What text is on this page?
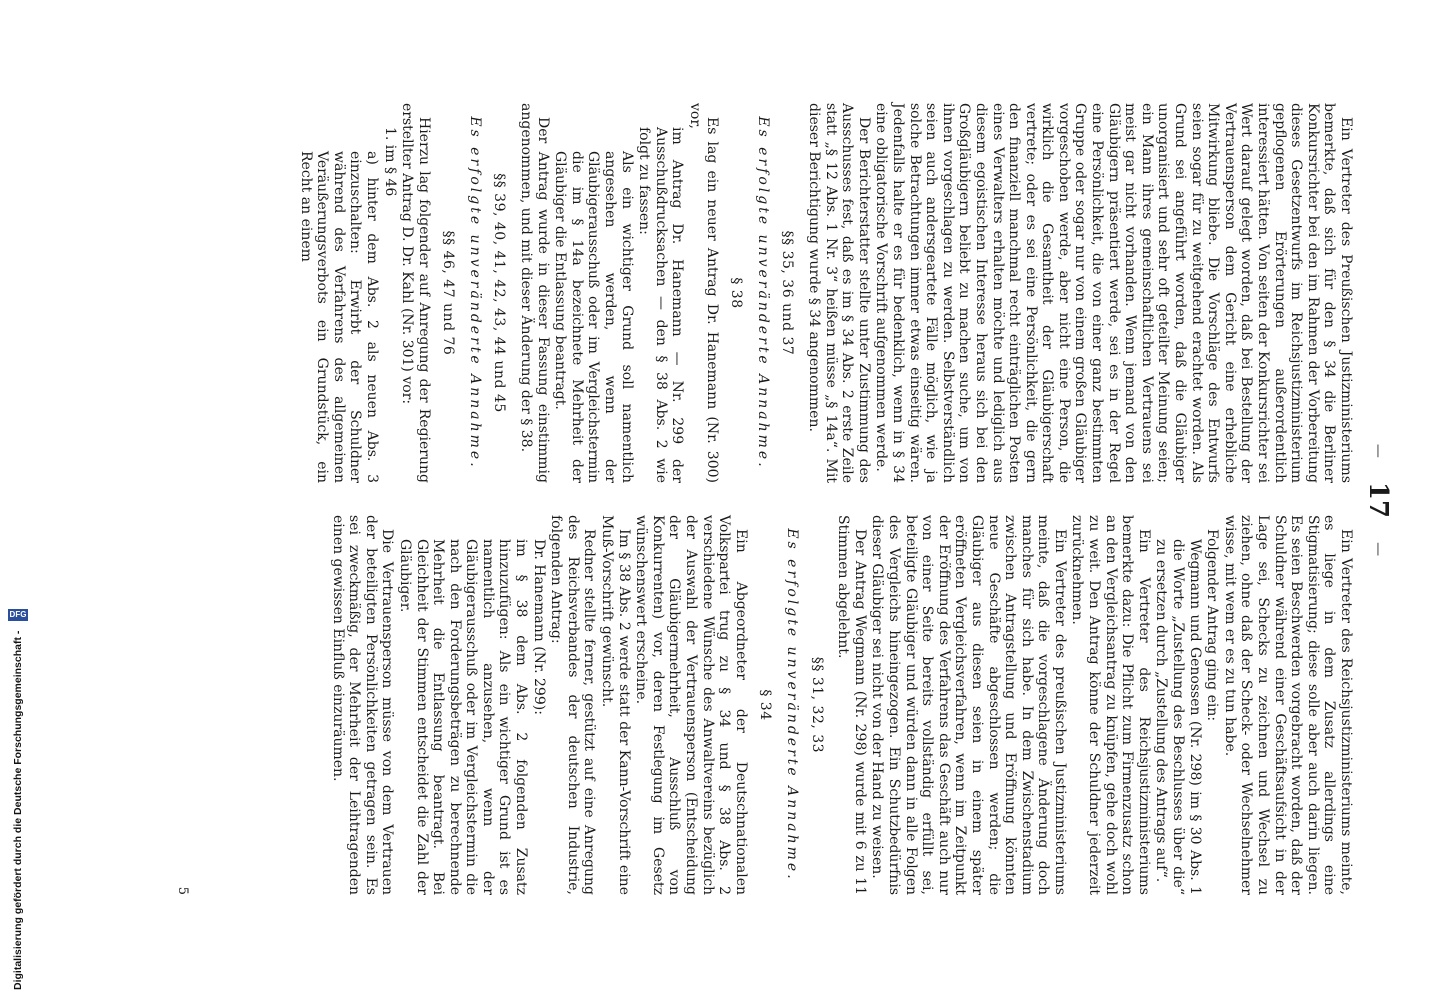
Digitalisierung gefördert durch die Deutsche Forschungsgemeinschaft -
DFG
—
17
—

Ein Vertreter des Preußischen Justizministeriums bemerkte, daß sich für den § 34 die Berliner Konkursrichter bei den im Rahmen der Vorbereitung dieses Gesetzentwurfs im Reichsjustizministerium gepflogenen Erörterungen außerordentlich interessiert hätten. Von seiten der Konkursrichter sei Wert darauf gelegt worden, daß bei Bestellung der Vertrauensperson dem Gericht eine erhebliche Mitwirkung bliebe. Die Vorschläge des Entwurfs seien sogar für zu weitgehend erachtet worden. Als Grund sei angeführt worden, daß die Gläubiger unorganisiert und sehr oft geteilter Meinung seien; ein Mann ihres gemeinschaftlichen Vertrauens sei meist gar nicht vorhanden. Wenn jemand von den Gläubigern präsentiert werde, sei es in der Regel eine Persönlichkeit, die von einer ganz bestimmten Gruppe oder sogar nur von einem großen Gläubiger vorgeschoben werde, aber nicht eine Person, die wirklich die Gesamtheit der Gläubigerschaft vertrete; oder es sei eine Persönlichkeit, die gern den finanziell manchmal recht einträglichen Posten eines Verwalters erhalten möchte und lediglich aus diesem egoistischen Interesse heraus sich bei den Großgläubigern beliebt zu machen suche, um von ihnen vorgeschlagen zu werden. Selbstverständlich seien auch andersgeartete Fälle möglich, wie ja solche Betrachtungen immer etwas einseitig wären. Jedenfalls halte er es für bedenklich, wenn in § 34 eine obligatorische Vorschrift aufgenommen werde.

Der Berichterstatter stellte unter Zustimmung des Ausschusses fest, daß es im § 34 Abs. 2 erste Zeile statt „§ 12 Abs. 1 Nr. 3“ heißen müsse „§ 14a“. Mit dieser Berichtigung wurde § 34 angenommen.

§§ 35, 36 und 37

Es erfolgte unveränderte Annahme.

§ 38

Es lag ein neuer Antrag Dr. Hanemann (Nr. 300) vor,

im Antrag Dr. Hanemann — Nr. 299 der Ausschußdrucksachen — den § 38 Abs. 2 wie folgt zu fassen:

Als ein wichtiger Grund soll namentlich angesehen werden, wenn der Gläubigerausschuß oder im Vergleichstermin die im § 14a bezeichnete Mehrheit der Gläubiger die Entlassung beantragt.

Der Antrag wurde in dieser Fassung einstimmig angenommen, und mit dieser Änderung der § 38.

§§ 39, 40, 41, 42, 43, 44 und 45

Es erfolgte unveränderte Annahme.

§§ 46, 47 und 76

Hierzu lag folgender auf Anregung der Regierung erstellter Antrag D. Dr. Kahl (Nr. 301) vor:

1. im § 46

a) hinter dem Abs. 2 als neuen Abs. 3 einzuschalten: Erwirbt der Schuldner während des Verfahrens des allgemeinen Veräußerungsverbots ein Grundstück, ein Recht an einem

Ein Vertreter des Reichsjustizministeriums meinte, es liege in dem Zusatz allerdings eine Stigmatisierung; diese solle aber auch darin liegen. Es seien Beschwerden vorgebracht worden, daß der Schuldner während einer Geschäftsaufsicht in der Lage sei, Schecks zu zeichnen und Wechsel zu ziehen, ohne daß der Scheck- oder Wechselnehmer wisse, mit wem er es zu tun habe.

Folgender Antrag ging ein:

Wegmann und Genossen (Nr. 298) im § 30 Abs. 1 die Worte „Zustellung des Beschlusses über die“ zu ersetzen durch „Zustellung des Antrags auf“.

Ein Vertreter des Reichsjustizministeriums bemerkte dazu: Die Pflicht zum Firmenzusatz schon an den Vergleichsantrag zu knüpfen, gehe doch wohl zu weit. Den Antrag könne der Schuldner jederzeit zurücknehmen.

Ein Vertreter des preußischen Justizministeriums meinte, daß die vorgeschlagene Änderung doch manches für sich habe. In dem Zwischenstadium zwischen Antragstellung und Eröffnung könnten neue Geschäfte abgeschlossen werden; die Gläubiger aus diesen seien in einem später eröffneten Vergleichsverfahren, wenn im Zeitpunkt der Eröffnung des Verfahrens das Geschäft auch nur von einer Seite bereits vollständig erfüllt sei, beteiligte Gläubiger und würden dann in alle Folgen des Vergleichs hineingezogen. Ein Schutzbedürfnis dieser Gläubiger sei nicht von der Hand zu weisen.

Der Antrag Wegmann (Nr. 298) wurde mit 6 zu 11 Stimmen abgelehnt.

§§ 31, 32, 33

Es erfolgte unveränderte Annahme.

§ 34

Ein Abgeordneter der Deutschnationalen Volkspartei trug zu § 34 und § 38 Abs. 2 verschiedene Wünsche des Anwaltvereins bezüglich der Auswahl der Vertrauensperson (Entscheidung der Gläubigermehrheit, Ausschluß von Konkurrenten) vor, deren Festlegung im Gesetz wünschenswert erscheine.

Im § 38 Abs. 2 werde statt der Kann-Vorschrift eine Muß-Vorschrift gewünscht.

Redner stellte ferner, gestützt auf eine Anregung des Reichsverbandes der deutschen Industrie, folgenden Antrag:

Dr. Hanemann (Nr. 299):

im § 38 dem Abs. 2 folgenden Zusatz hinzuzufügen: Als ein wichtiger Grund ist es namentlich anzusehen, wenn der Gläubigerausschuß oder im Vergleichstermin die nach den Forderungsbeträgen zu berechnende Mehrheit die Entlassung beantragt. Bei Gleichheit der Stimmen entscheidet die Zahl der Gläubiger.

Die Vertrauensperson müsse von dem Vertrauen der beteiligten Persönlichkeiten getragen sein. Es sei zweckmäßig, der Mehrheit der Leihtragenden einen gewissen Einfluß einzuräumen.

5
